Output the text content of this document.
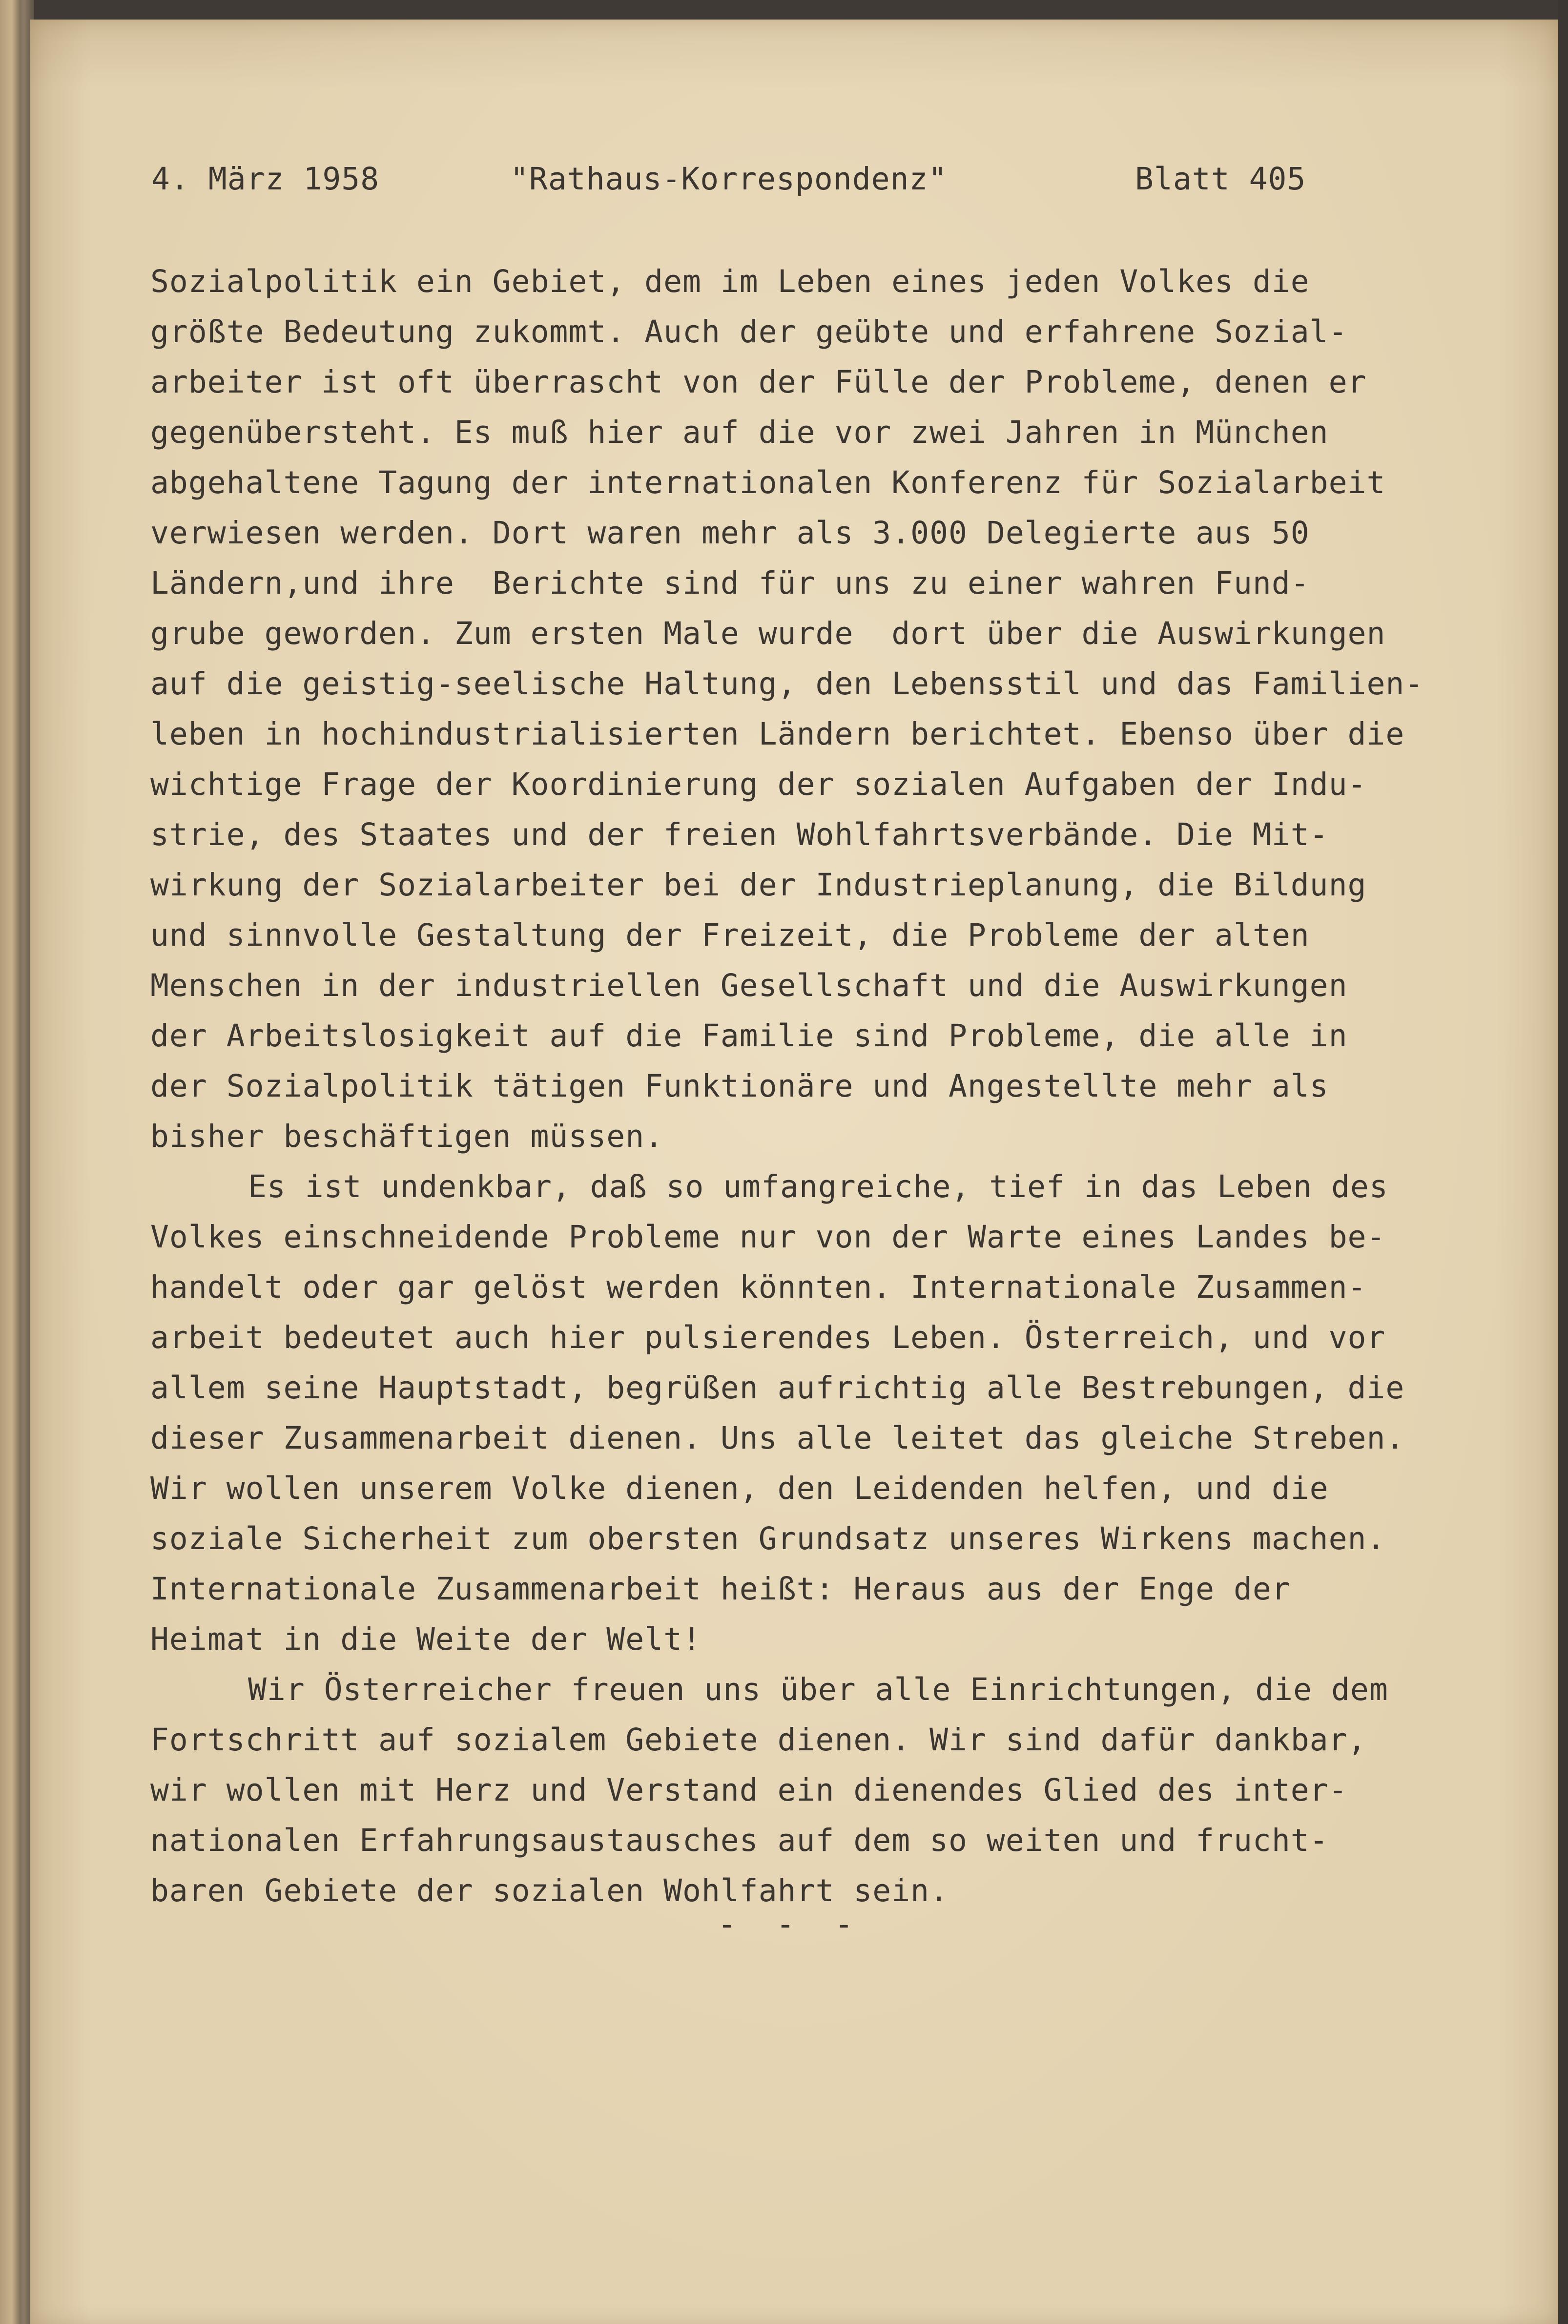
4. März 1958	"Rathaus-Korrespondenz"	Blatt 405
Sozialpolitik ein Gebiet, dem im Leben eines jeden Volkes die
größte Bedeutung zukommt. Auch der geübte und erfahrene Sozial-
arbeiter ist oft überrascht von der Fülle der Probleme, denen er
gegenübersteht. Es muß hier auf die vor zwei Jahren in München
abgehaltene Tagung der internationalen Konferenz für Sozialarbeit
verwiesen werden. Dort waren mehr als 3.000 Delegierte aus 50
Ländern,und ihre  Berichte sind für uns zu einer wahren Fund-
grube geworden. Zum ersten Male wurde  dort über die Auswirkungen
auf die geistig-seelische Haltung, den Lebensstil und das Familien-
leben in hochindustrialisierten Ländern berichtet. Ebenso über die
wichtige Frage der Koordinierung der sozialen Aufgaben der Indu-
strie, des Staates und der freien Wohlfahrtsverbände. Die Mit-
wirkung der Sozialarbeiter bei der Industrieplanung, die Bildung
und sinnvolle Gestaltung der Freizeit, die Probleme der alten
Menschen in der industriellen Gesellschaft und die Auswirkungen
der Arbeitslosigkeit auf die Familie sind Probleme, die alle in
der Sozialpolitik tätigen Funktionäre und Angestellte mehr als
bisher beschäftigen müssen.
Es ist undenkbar, daß so umfangreiche, tief in das Leben des
Volkes einschneidende Probleme nur von der Warte eines Landes be-
handelt oder gar gelöst werden könnten. Internationale Zusammen-
arbeit bedeutet auch hier pulsierendes Leben. Österreich, und vor
allem seine Hauptstadt, begrüßen aufrichtig alle Bestrebungen, die
dieser Zusammenarbeit dienen. Uns alle leitet das gleiche Streben.
Wir wollen unserem Volke dienen, den Leidenden helfen, und die
soziale Sicherheit zum obersten Grundsatz unseres Wirkens machen.
Internationale Zusammenarbeit heißt: Heraus aus der Enge der
Heimat in die Weite der Welt!
Wir Österreicher freuen uns über alle Einrichtungen, die dem
Fortschritt auf sozialem Gebiete dienen. Wir sind dafür dankbar,
wir wollen mit Herz und Verstand ein dienendes Glied des inter-
nationalen Erfahrungsaustausches auf dem so weiten und frucht-
baren Gebiete der sozialen Wohlfahrt sein.
- - -
